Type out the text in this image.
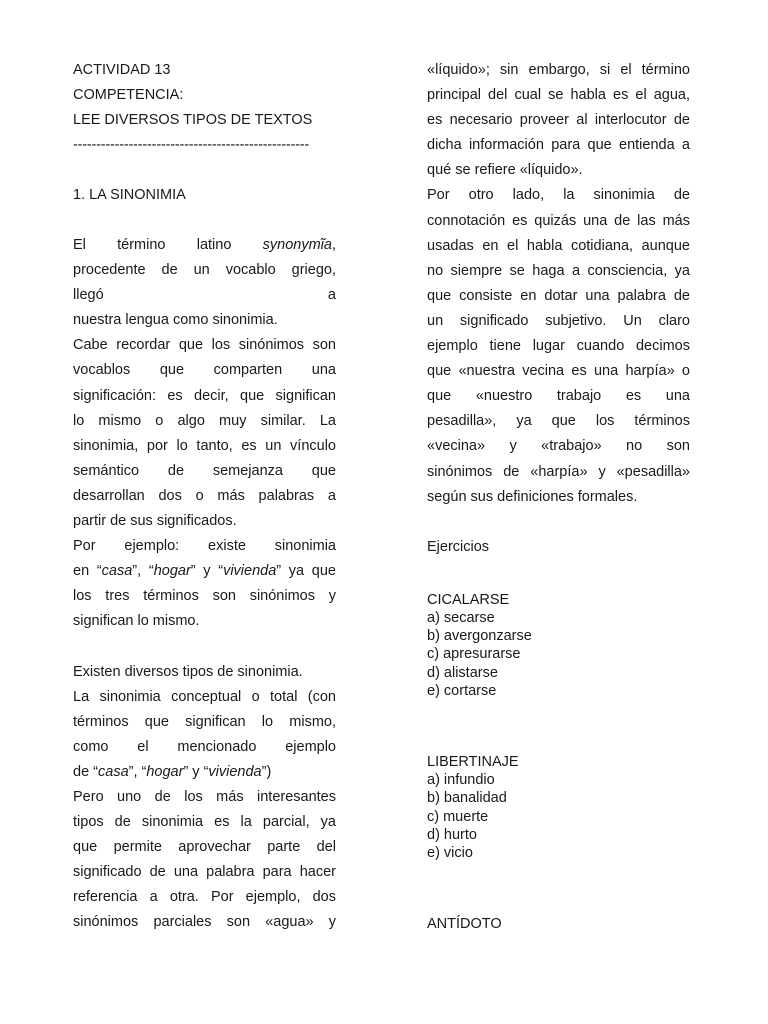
ACTIVIDAD 13
COMPETENCIA:
LEE DIVERSOS TIPOS DE TEXTOS
---------------------------------------------------
1. LA SINONIMIA
El término latino synonymĩa,
procedente de un vocablo griego,
llegó a
nuestra lengua como sinonimia.
Cabe recordar que los sinónimos son
vocablos que comparten una
significación: es decir, que significan
lo mismo o algo muy similar. La
sinonimia, por lo tanto, es un vínculo
semántico de semejanza que
desarrollan dos o más palabras a
partir de sus significados.
Por ejemplo: existe sinonimia
en “casa”, “hogar” y “vivienda” ya que
los tres términos son sinónimos y
significan lo mismo.
Existen diversos tipos de sinonimia.
La sinonimia conceptual o total (con
términos que significan lo mismo,
como el mencionado ejemplo
de “casa”, “hogar” y “vivienda”)
Pero uno de los más interesantes
tipos de sinonimia es la parcial, ya
que permite aprovechar parte del
significado de una palabra para hacer
referencia a otra. Por ejemplo, dos
sinónimos parciales son «agua» y
«líquido»; sin embargo, si el término
principal del cual se habla es el agua,
es necesario proveer al interlocutor de
dicha información para que entienda a
qué se refiere «líquido».
Por otro lado, la sinonimia de
connotación es quizás una de las más
usadas en el habla cotidiana, aunque
no siempre se haga a consciencia, ya
que consiste en dotar una palabra de
un significado subjetivo. Un claro
ejemplo tiene lugar cuando decimos
que «nuestra vecina es una harpía» o
que «nuestro trabajo es una
pesadilla», ya que los términos
«vecina» y «trabajo» no son
sinónimos de «harpía» y «pesadilla»
según sus definiciones formales.
Ejercicios
CICALARSE
a) secarse
b) avergonzarse
c) apresurarse
d) alistarse
e) cortarse
LIBERTINAJE
a) infundio
b) banalidad
c) muerte
d) hurto
e) vicio
ANTÍDOTO
